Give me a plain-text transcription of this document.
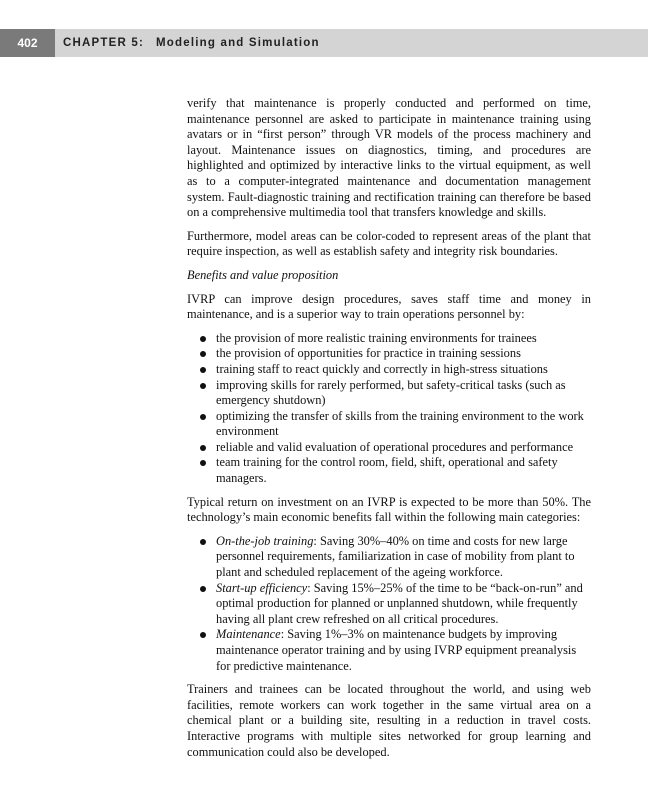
402	CHAPTER 5: Modeling and Simulation

verify that maintenance is properly conducted and performed on time, maintenance personnel are asked to participate in maintenance training using avatars or in “first person” through VR models of the process machinery and layout. Maintenance issues on diagnostics, timing, and procedures are highlighted and optimized by interactive links to the virtual equipment, as well as to a computer-integrated maintenance and documentation management system. Fault-diagnostic training and rectification training can therefore be based on a comprehensive multimedia tool that transfers knowledge and skills.

Furthermore, model areas can be color-coded to represent areas of the plant that require inspection, as well as establish safety and integrity risk boundaries.

Benefits and value proposition

IVRP can improve design procedures, saves staff time and money in maintenance, and is a superior way to train operations personnel by:

the provision of more realistic training environments for trainees
the provision of opportunities for practice in training sessions
training staff to react quickly and correctly in high-stress situations
improving skills for rarely performed, but safety-critical tasks (such as emergency shutdown)
optimizing the transfer of skills from the training environment to the work environment
reliable and valid evaluation of operational procedures and performance
team training for the control room, field, shift, operational and safety managers.

Typical return on investment on an IVRP is expected to be more than 50%. The technology’s main economic benefits fall within the following main categories:

On-the-job training: Saving 30%–40% on time and costs for new large personnel requirements, familiarization in case of mobility from plant to plant and scheduled replacement of the ageing workforce.
Start-up efficiency: Saving 15%–25% of the time to be “back-on-run” and optimal production for planned or unplanned shutdown, while frequently having all plant crew refreshed on all critical procedures.
Maintenance: Saving 1%–3% on maintenance budgets by improving maintenance operator training and by using IVRP equipment preanalysis for predictive maintenance.

Trainers and trainees can be located throughout the world, and using web facilities, remote workers can work together in the same virtual area on a chemical plant or a building site, resulting in a reduction in travel costs. Interactive programs with multiple sites networked for group learning and communication could also be developed.
